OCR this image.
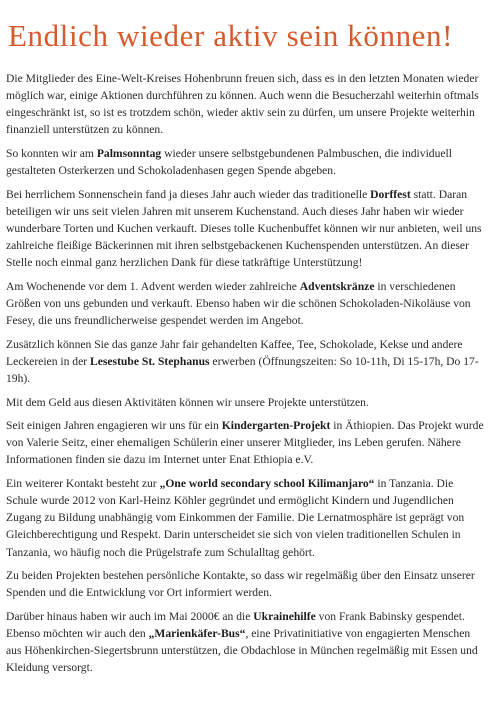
Endlich wieder aktiv sein können!

Die Mitglieder des Eine-Welt-Kreises Hohenbrunn freuen sich, dass es in den letzten Monaten wieder möglich war, einige Aktionen durchführen zu können. Auch wenn die Besucherzahl weiterhin oftmals eingeschränkt ist, so ist es trotzdem schön, wieder aktiv sein zu dürfen, um unsere Projekte weiterhin finanziell unterstützen zu können.

So konnten wir am Palmsonntag wieder unsere selbstgebundenen Palmbuschen, die individuell gestalteten Osterkerzen und Schokoladenhasen gegen Spende abgeben.

Bei herrlichem Sonnenschein fand ja dieses Jahr auch wieder das traditionelle Dorffest statt. Daran beteiligen wir uns seit vielen Jahren mit unserem Kuchenstand. Auch dieses Jahr haben wir wieder wunderbare Torten und Kuchen verkauft. Dieses tolle Kuchenbuffet können wir nur anbieten, weil uns zahlreiche fleißige Bäckerinnen mit ihren selbstgebackenen Kuchenspenden unterstützen. An dieser Stelle noch einmal ganz herzlichen Dank für diese tatkräftige Unterstützung!

Am Wochenende vor dem 1. Advent werden wieder zahlreiche Adventskränze in verschiedenen Größen von uns gebunden und verkauft. Ebenso haben wir die schönen Schokoladen-Nikoläuse von Fesey, die uns freundlicherweise gespendet werden im Angebot.

Zusätzlich können Sie das ganze Jahr fair gehandelten Kaffee, Tee, Schokolade, Kekse und andere Leckereien in der Lesestube St. Stephanus erwerben (Öffnungszeiten: So 10-11h, Di 15-17h, Do 17-19h).

Mit dem Geld aus diesen Aktivitäten können wir unsere Projekte unterstützen.

Seit einigen Jahren engagieren wir uns für ein Kindergarten-Projekt in Äthiopien. Das Projekt wurde von Valerie Seitz, einer ehemaligen Schülerin einer unserer Mitglieder, ins Leben gerufen. Nähere Informationen finden sie dazu im Internet unter Enat Ethiopia e.V.

Ein weiterer Kontakt besteht zur „One world secondary school Kilimanjaro“ in Tanzania. Die Schule wurde 2012 von Karl-Heinz Köhler gegründet und ermöglicht Kindern und Jugendlichen Zugang zu Bildung unabhängig vom Einkommen der Familie. Die Lernatmosphäre ist geprägt von Gleichberechtigung und Respekt. Darin unterscheidet sie sich von vielen traditionellen Schulen in Tanzania, wo häufig noch die Prügelstrafe zum Schulalltag gehört.

Zu beiden Projekten bestehen persönliche Kontakte, so dass wir regelmäßig über den Einsatz unserer Spenden und die Entwicklung vor Ort informiert werden.

Darüber hinaus haben wir auch im Mai 2000€ an die Ukrainehilfe von Frank Babinsky gespendet. Ebenso möchten wir auch den „Marienkäfer-Bus“, eine Privatinitiative von engagierten Menschen aus Höhenkirchen-Siegertsbrunn unterstützen, die Obdachlose in München regelmäßig mit Essen und Kleidung versorgt.
